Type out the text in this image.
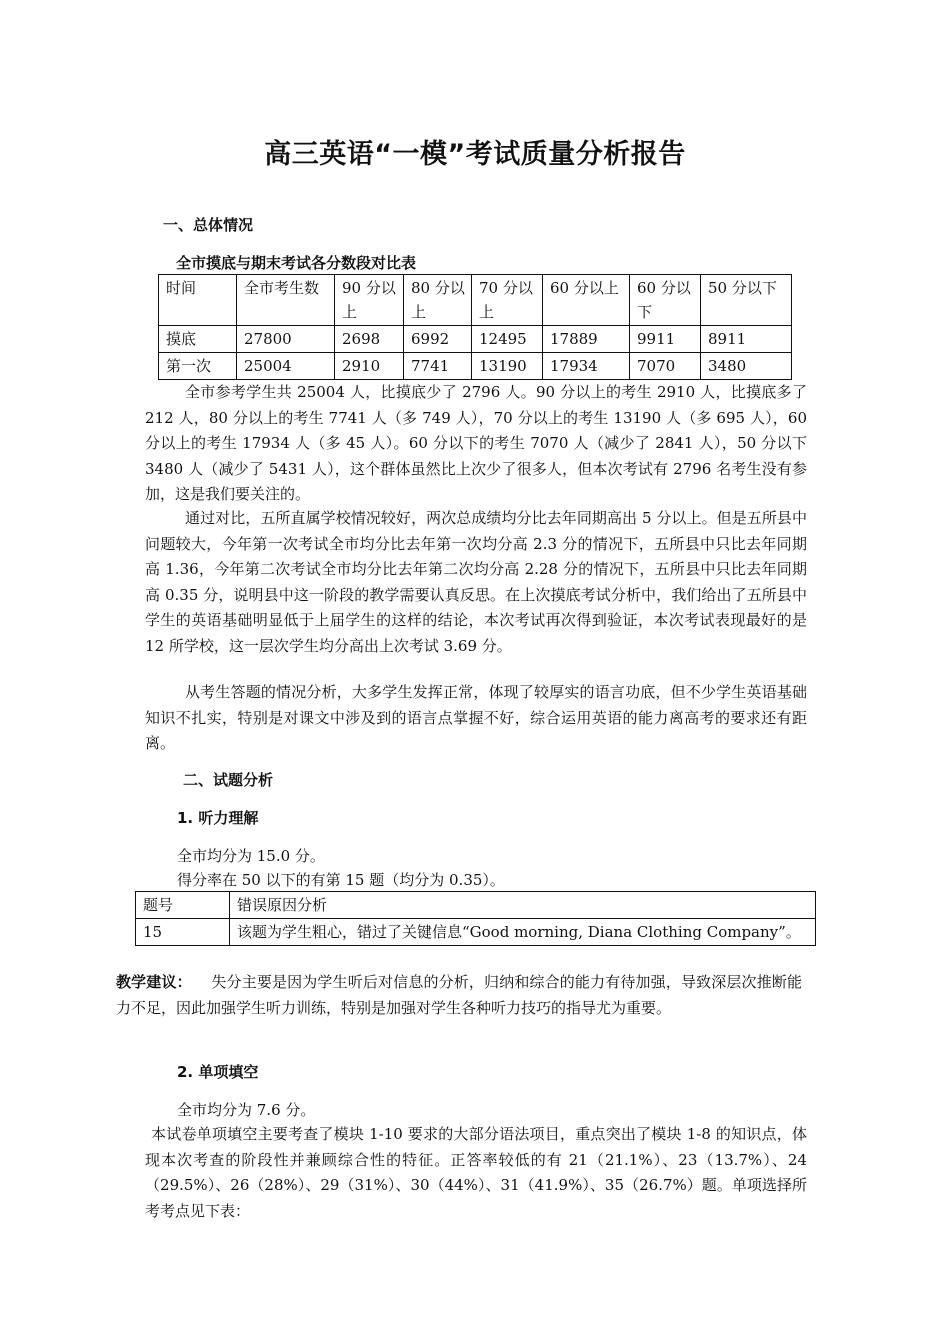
高三英语“一模”考试质量分析报告
一、总体情况
全市摸底与期末考试各分数段对比表
时间	全市考生数	90 分以上	80 分以上	70 分以上	60 分以上	60 分以下	50 分以下
摸底	27800	2698	6992	12495	17889	9911	8911
第一次	25004	2910	7741	13190	17934	7070	3480
全市参考学生共 25004 人，比摸底少了 2796 人。90 分以上的考生 2910 人，比摸底多了 212 人，80 分以上的考生 7741 人（多 749 人），70 分以上的考生 13190 人（多 695 人），60 分以上的考生 17934 人（多 45 人）。60 分以下的考生 7070 人（减少了 2841 人），50 分以下 3480 人（减少了 5431 人），这个群体虽然比上次少了很多人，但本次考试有 2796 名考生没有参加，这是我们要关注的。
通过对比，五所直属学校情况较好，两次总成绩均分比去年同期高出 5 分以上。但是五所县中问题较大，今年第一次考试全市均分比去年第一次均分高 2.3 分的情况下，五所县中只比去年同期高 1.36，今年第二次考试全市均分比去年第二次均分高 2.28 分的情况下，五所县中只比去年同期高 0.35 分，说明县中这一阶段的教学需要认真反思。在上次摸底考试分析中，我们给出了五所县中学生的英语基础明显低于上届学生的这样的结论，本次考试再次得到验证，本次考试表现最好的是 12 所学校，这一层次学生均分高出上次考试 3.69 分。
从考生答题的情况分析，大多学生发挥正常，体现了较厚实的语言功底，但不少学生英语基础知识不扎实，特别是对课文中涉及到的语言点掌握不好，综合运用英语的能力离高考的要求还有距离。
二、试题分析
1. 听力理解
全市均分为 15.0 分。
得分率在 50 以下的有第 15 题（均分为 0.35）。
题号	错误原因分析
15	该题为学生粗心，错过了关键信息“Good morning, Diana Clothing Company”。
教学建议： 失分主要是因为学生听后对信息的分析，归纳和综合的能力有待加强，导致深层次推断能力不足，因此加强学生听力训练，特别是加强对学生各种听力技巧的指导尤为重要。
2. 单项填空
全市均分为 7.6 分。
本试卷单项填空主要考查了模块 1-10 要求的大部分语法项目，重点突出了模块 1-8 的知识点，体现本次考查的阶段性并兼顾综合性的特征。正答率较低的有 21（21.1%）、23（13.7%）、24（29.5%）、26（28%）、29（31%）、30（44%）、31（41.9%）、35（26.7%）题。单项选择所考考点见下表：
